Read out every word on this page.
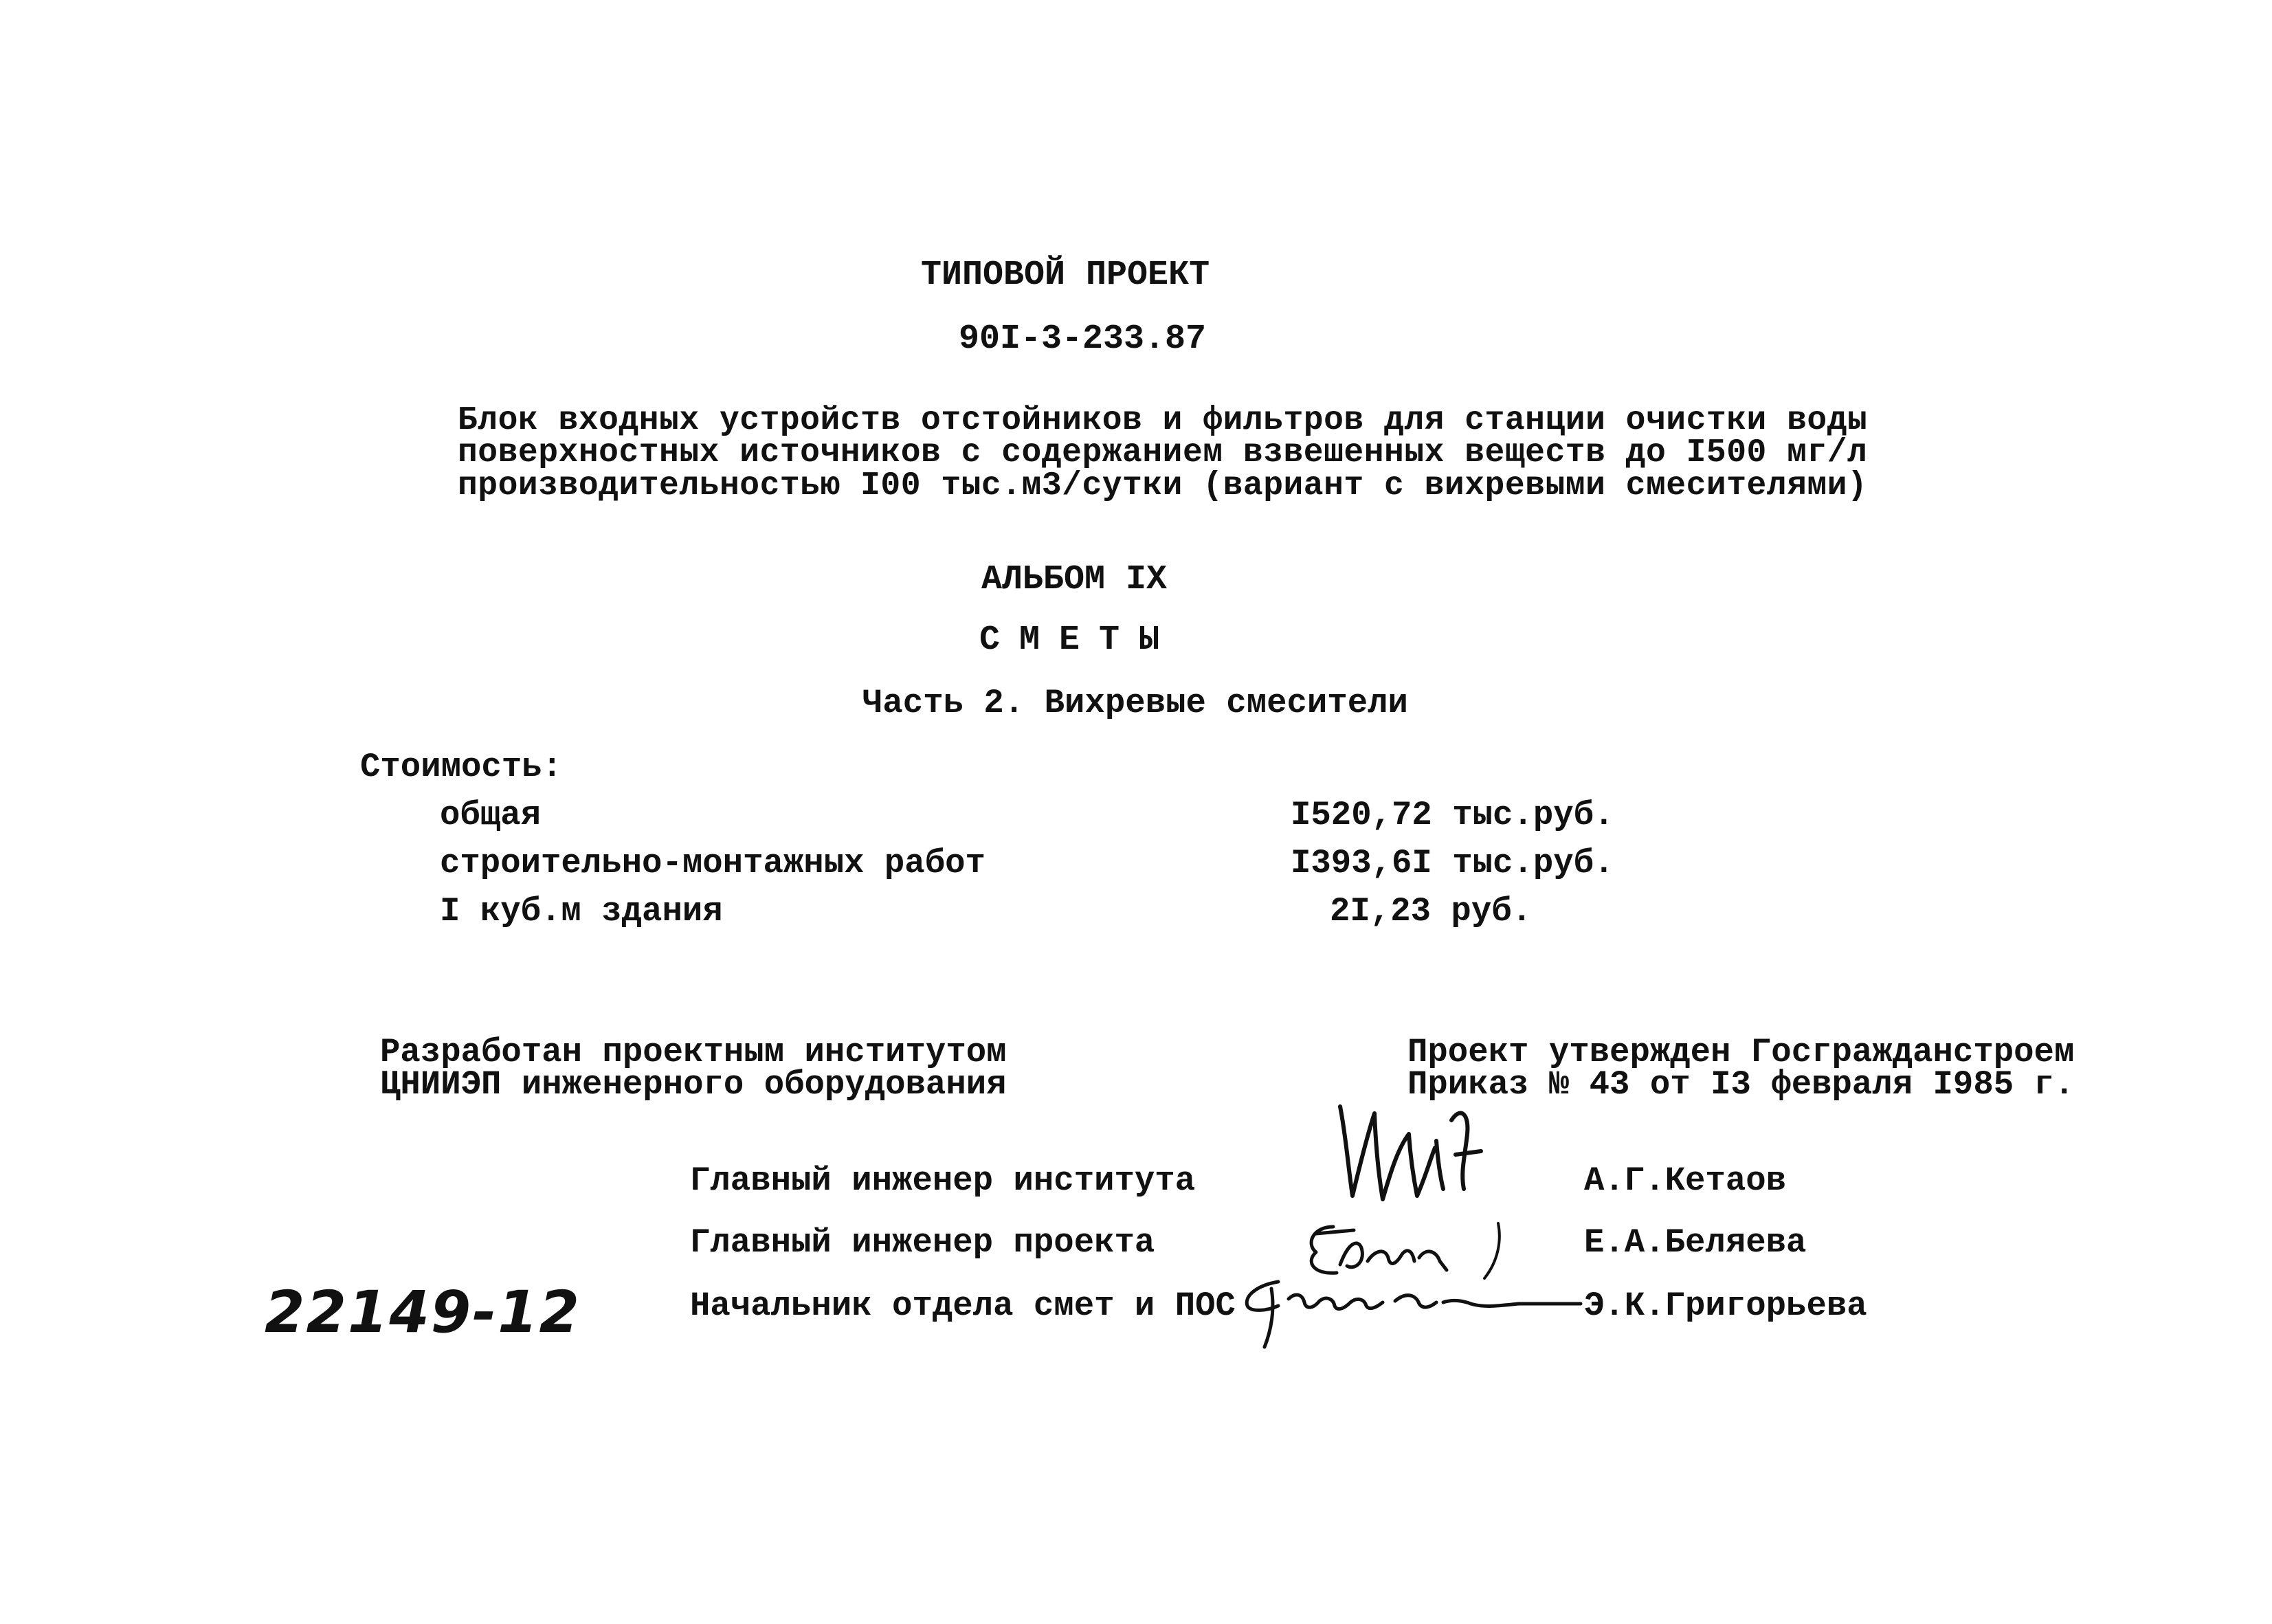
ТИПОВОЙ ПРОЕКТ
90I-3-233.87
Блок входных устройств отстойников и фильтров для станции очистки воды
поверхностных источников с содержанием взвешенных веществ до I500 мг/л
производительностью I00 тыс.м3/сутки (вариант с вихревыми смесителями)
АЛЬБОМ IX
СМЕТЫ
Часть 2. Вихревые смесители
Стоимость:
общая	I520,72 тыс.руб.
строительно-монтажных работ	I393,6I тыс.руб.
I куб.м здания	2I,23 руб.
Разработан проектным институтом
ЦНИИЭП инженерного оборудования
Проект утвержден Госгражданстроем
Приказ № 43 от I3 февраля I985 г.
Главный инженер института	А.Г.Кетаов
Главный инженер проекта	Е.А.Беляева
Начальник отдела смет и ПОС	Э.К.Григорьева
22149-12
